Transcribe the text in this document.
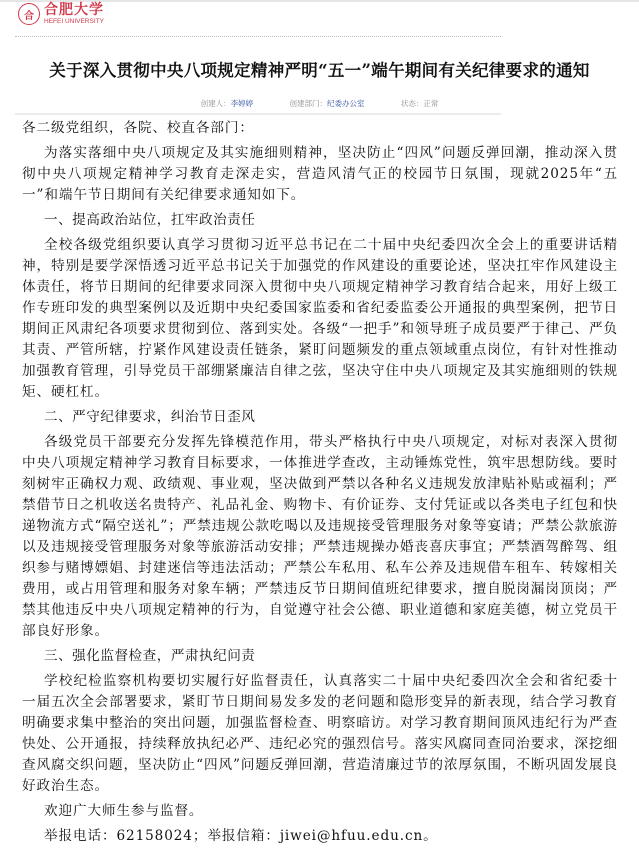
合 合肥大学
HEFEI UNIVERSITY
关于深入贯彻中央八项规定精神严明“五一”端午期间有关纪律要求的通知
创建人：李婷婷	创建部门：纪委办公室	状态：正常

各二级党组织，各院、校直各部门：

为落实落细中央八项规定及其实施细则精神，坚决防止“四风”问题反弹回潮，推动深入贯彻中央八项规定精神学习教育走深走实，营造风清气正的校园节日氛围，现就2025年“五一”和端午节日期间有关纪律要求通知如下。

一、提高政治站位，扛牢政治责任

全校各级党组织要认真学习贯彻习近平总书记在二十届中央纪委四次全会上的重要讲话精神，特别是要学深悟透习近平总书记关于加强党的作风建设的重要论述，坚决扛牢作风建设主体责任，将节日期间的纪律要求同深入贯彻中央八项规定精神学习教育结合起来，用好上级工作专班印发的典型案例以及近期中央纪委国家监委和省纪委监委公开通报的典型案例，把节日期间正风肃纪各项要求贯彻到位、落到实处。各级“一把手”和领导班子成员要严于律己、严负其责、严管所辖，拧紧作风建设责任链条，紧盯问题频发的重点领域重点岗位，有针对性推动加强教育管理，引导党员干部绷紧廉洁自律之弦，坚决守住中央八项规定及其实施细则的铁规矩、硬杠杠。

二、严守纪律要求，纠治节日歪风

各级党员干部要充分发挥先锋模范作用，带头严格执行中央八项规定，对标对表深入贯彻中央八项规定精神学习教育目标要求，一体推进学查改，主动锤炼党性，筑牢思想防线。要时刻树牢正确权力观、政绩观、事业观，坚决做到严禁以各种名义违规发放津贴补贴或福利；严禁借节日之机收送名贵特产、礼品礼金、购物卡、有价证券、支付凭证或以各类电子红包和快递物流方式“隔空送礼”；严禁违规公款吃喝以及违规接受管理服务对象等宴请；严禁公款旅游以及违规接受管理服务对象等旅游活动安排；严禁违规操办婚丧喜庆事宜；严禁酒驾醉驾、组织参与赌博嫖娼、封建迷信等违法活动；严禁公车私用、私车公养及违规借车租车、转嫁相关费用，或占用管理和服务对象车辆；严禁违反节日期间值班纪律要求，擅自脱岗漏岗顶岗；严禁其他违反中央八项规定精神的行为，自觉遵守社会公德、职业道德和家庭美德，树立党员干部良好形象。

三、强化监督检查，严肃执纪问责

学校纪检监察机构要切实履行好监督责任，认真落实二十届中央纪委四次全会和省纪委十一届五次全会部署要求，紧盯节日期间易发多发的老问题和隐形变异的新表现，结合学习教育明确要求集中整治的突出问题，加强监督检查、明察暗访。对学习教育期间顶风违纪行为严查快处、公开通报，持续释放执纪必严、违纪必究的强烈信号。落实风腐同查同治要求，深挖细查风腐交织问题，坚决防止“四风”问题反弹回潮，营造清廉过节的浓厚氛围，不断巩固发展良好政治生态。

欢迎广大师生参与监督。

举报电话：62158024；举报信箱：jiwei@hfuu.edu.cn。
